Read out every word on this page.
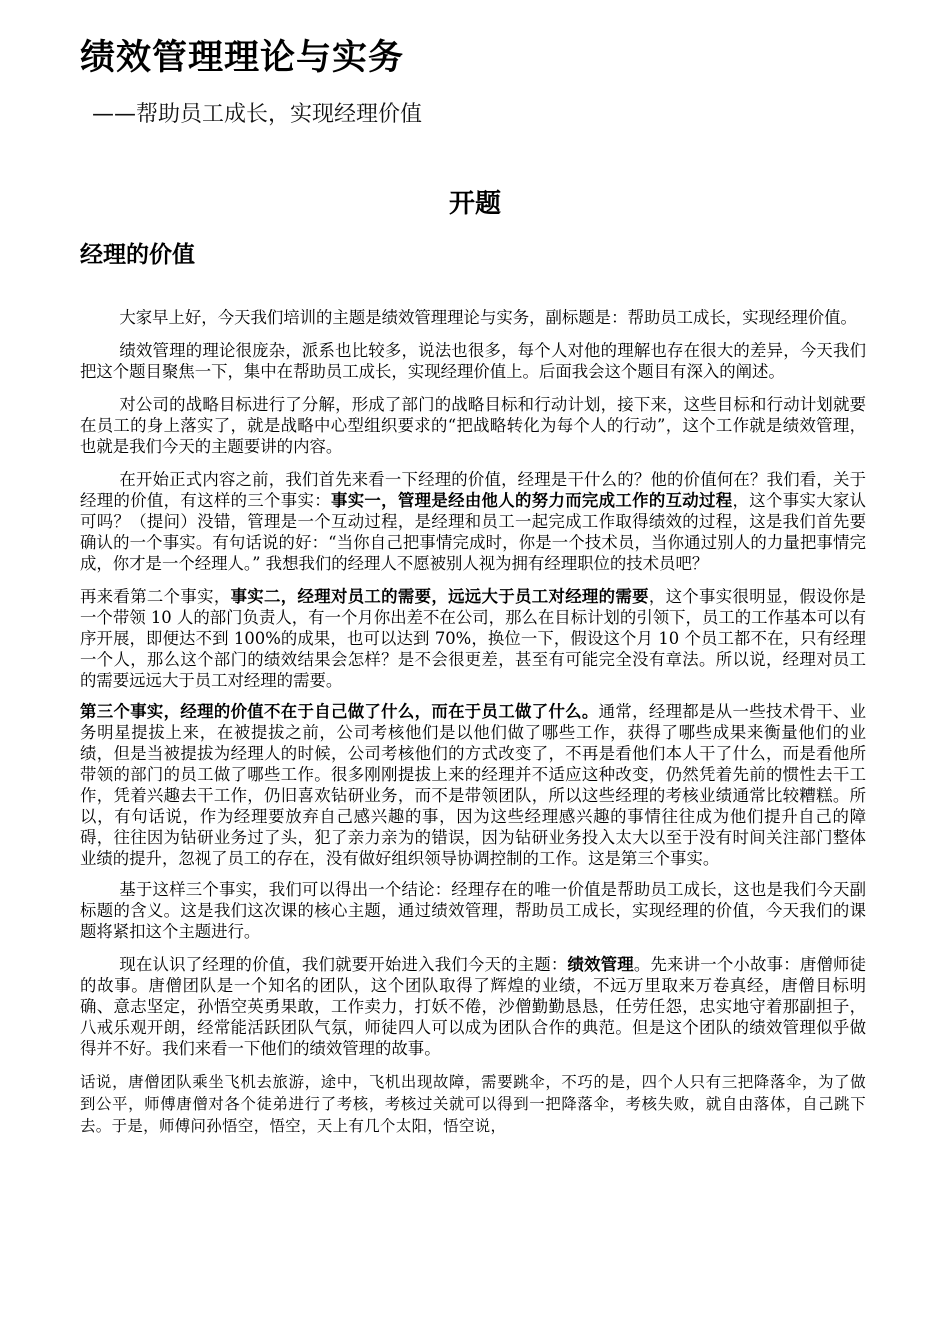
绩效管理理论与实务
——帮助员工成长，实现经理价值
开题
经理的价值

大家早上好，今天我们培训的主题是绩效管理理论与实务，副标题是：帮助员工成长，实现经理价值。

绩效管理的理论很庞杂，派系也比较多，说法也很多，每个人对他的理解也存在很大的差异，今天我们把这个题目聚焦一下，集中在帮助员工成长，实现经理价值上。后面我会这个题目有深入的阐述。

对公司的战略目标进行了分解，形成了部门的战略目标和行动计划，接下来，这些目标和行动计划就要在员工的身上落实了，就是战略中心型组织要求的“把战略转化为每个人的行动”，这个工作就是绩效管理，也就是我们今天的主题要讲的内容。

在开始正式内容之前，我们首先来看一下经理的价值，经理是干什么的？他的价值何在？我们看，关于经理的价值，有这样的三个事实：事实一，管理是经由他人的努力而完成工作的互动过程，这个事实大家认可吗？（提问）没错，管理是一个互动过程，是经理和员工一起完成工作取得绩效的过程，这是我们首先要确认的一个事实。有句话说的好：“当你自己把事情完成时，你是一个技术员，当你通过别人的力量把事情完成，你才是一个经理人。” 我想我们的经理人不愿被别人视为拥有经理职位的技术员吧？

再来看第二个事实，事实二，经理对员工的需要，远远大于员工对经理的需要，这个事实很明显，假设你是一个带领 10 人的部门负责人，有一个月你出差不在公司，那么在目标计划的引领下，员工的工作基本可以有序开展，即便达不到 100%的成果，也可以达到 70%，换位一下，假设这个月 10 个员工都不在，只有经理一个人，那么这个部门的绩效结果会怎样？是不会很更差，甚至有可能完全没有章法。所以说，经理对员工的需要远远大于员工对经理的需要。

第三个事实，经理的价值不在于自己做了什么，而在于员工做了什么。通常，经理都是从一些技术骨干、业务明星提拔上来，在被提拔之前，公司考核他们是以他们做了哪些工作，获得了哪些成果来衡量他们的业绩，但是当被提拔为经理人的时候，公司考核他们的方式改变了，不再是看他们本人干了什么，而是看他所带领的部门的员工做了哪些工作。很多刚刚提拔上来的经理并不适应这种改变，仍然凭着先前的惯性去干工作，凭着兴趣去干工作，仍旧喜欢钻研业务，而不是带领团队，所以这些经理的考核业绩通常比较糟糕。所以，有句话说，作为经理要放弃自己感兴趣的事，因为这些经理感兴趣的事情往往成为他们提升自己的障碍，往往因为钻研业务过了头，犯了亲力亲为的错误，因为钻研业务投入太大以至于没有时间关注部门整体业绩的提升，忽视了员工的存在，没有做好组织领导协调控制的工作。这是第三个事实。

基于这样三个事实，我们可以得出一个结论：经理存在的唯一价值是帮助员工成长，这也是我们今天副标题的含义。这是我们这次课的核心主题，通过绩效管理，帮助员工成长，实现经理的价值，今天我们的课题将紧扣这个主题进行。

现在认识了经理的价值，我们就要开始进入我们今天的主题：绩效管理。先来讲一个小故事：唐僧师徒的故事。唐僧团队是一个知名的团队，这个团队取得了辉煌的业绩，不远万里取来万卷真经，唐僧目标明确、意志坚定，孙悟空英勇果敢，工作卖力，打妖不倦，沙僧勤勤恳恳，任劳任怨，忠实地守着那副担子，八戒乐观开朗，经常能活跃团队气氛，师徒四人可以成为团队合作的典范。但是这个团队的绩效管理似乎做得并不好。我们来看一下他们的绩效管理的故事。

话说，唐僧团队乘坐飞机去旅游，途中，飞机出现故障，需要跳伞，不巧的是，四个人只有三把降落伞，为了做到公平，师傅唐僧对各个徒弟进行了考核，考核过关就可以得到一把降落伞，考核失败，就自由落体，自己跳下去。于是，师傅问孙悟空，悟空，天上有几个太阳，悟空说，
